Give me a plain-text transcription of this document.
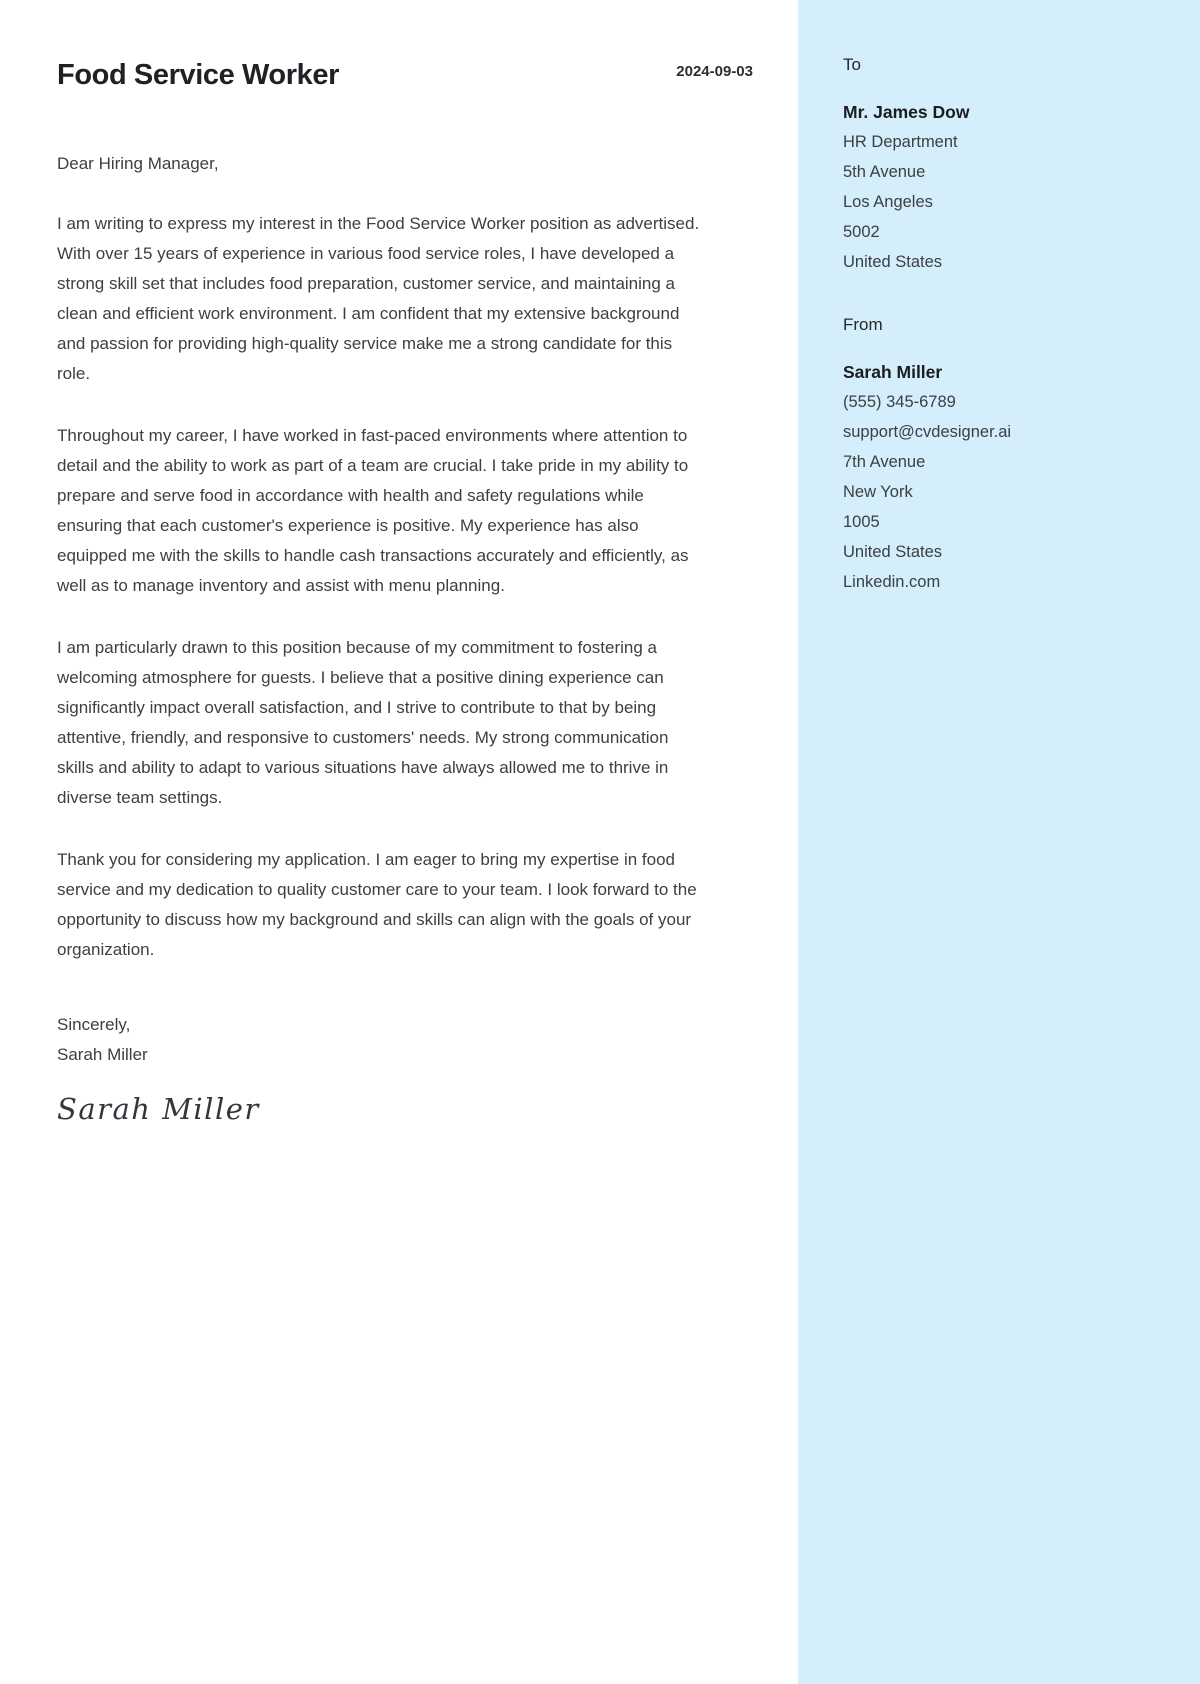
Food Service Worker	2024-09-03

Dear Hiring Manager,

I am writing to express my interest in the Food Service Worker position as advertised. With over 15 years of experience in various food service roles, I have developed a strong skill set that includes food preparation, customer service, and maintaining a clean and efficient work environment. I am confident that my extensive background and passion for providing high-quality service make me a strong candidate for this role.

Throughout my career, I have worked in fast-paced environments where attention to detail and the ability to work as part of a team are crucial. I take pride in my ability to prepare and serve food in accordance with health and safety regulations while ensuring that each customer's experience is positive. My experience has also equipped me with the skills to handle cash transactions accurately and efficiently, as well as to manage inventory and assist with menu planning.

I am particularly drawn to this position because of my commitment to fostering a welcoming atmosphere for guests. I believe that a positive dining experience can significantly impact overall satisfaction, and I strive to contribute to that by being attentive, friendly, and responsive to customers' needs. My strong communication skills and ability to adapt to various situations have always allowed me to thrive in diverse team settings.

Thank you for considering my application. I am eager to bring my expertise in food service and my dedication to quality customer care to your team. I look forward to the opportunity to discuss how my background and skills can align with the goals of your organization.

Sincerely,
Sarah Miller
Sarah Miller
To
Mr. James Dow
HR Department
5th Avenue
Los Angeles
5002
United States
From
Sarah Miller
(555) 345-6789
support@cvdesigner.ai
7th Avenue
New York
1005
United States
Linkedin.com
